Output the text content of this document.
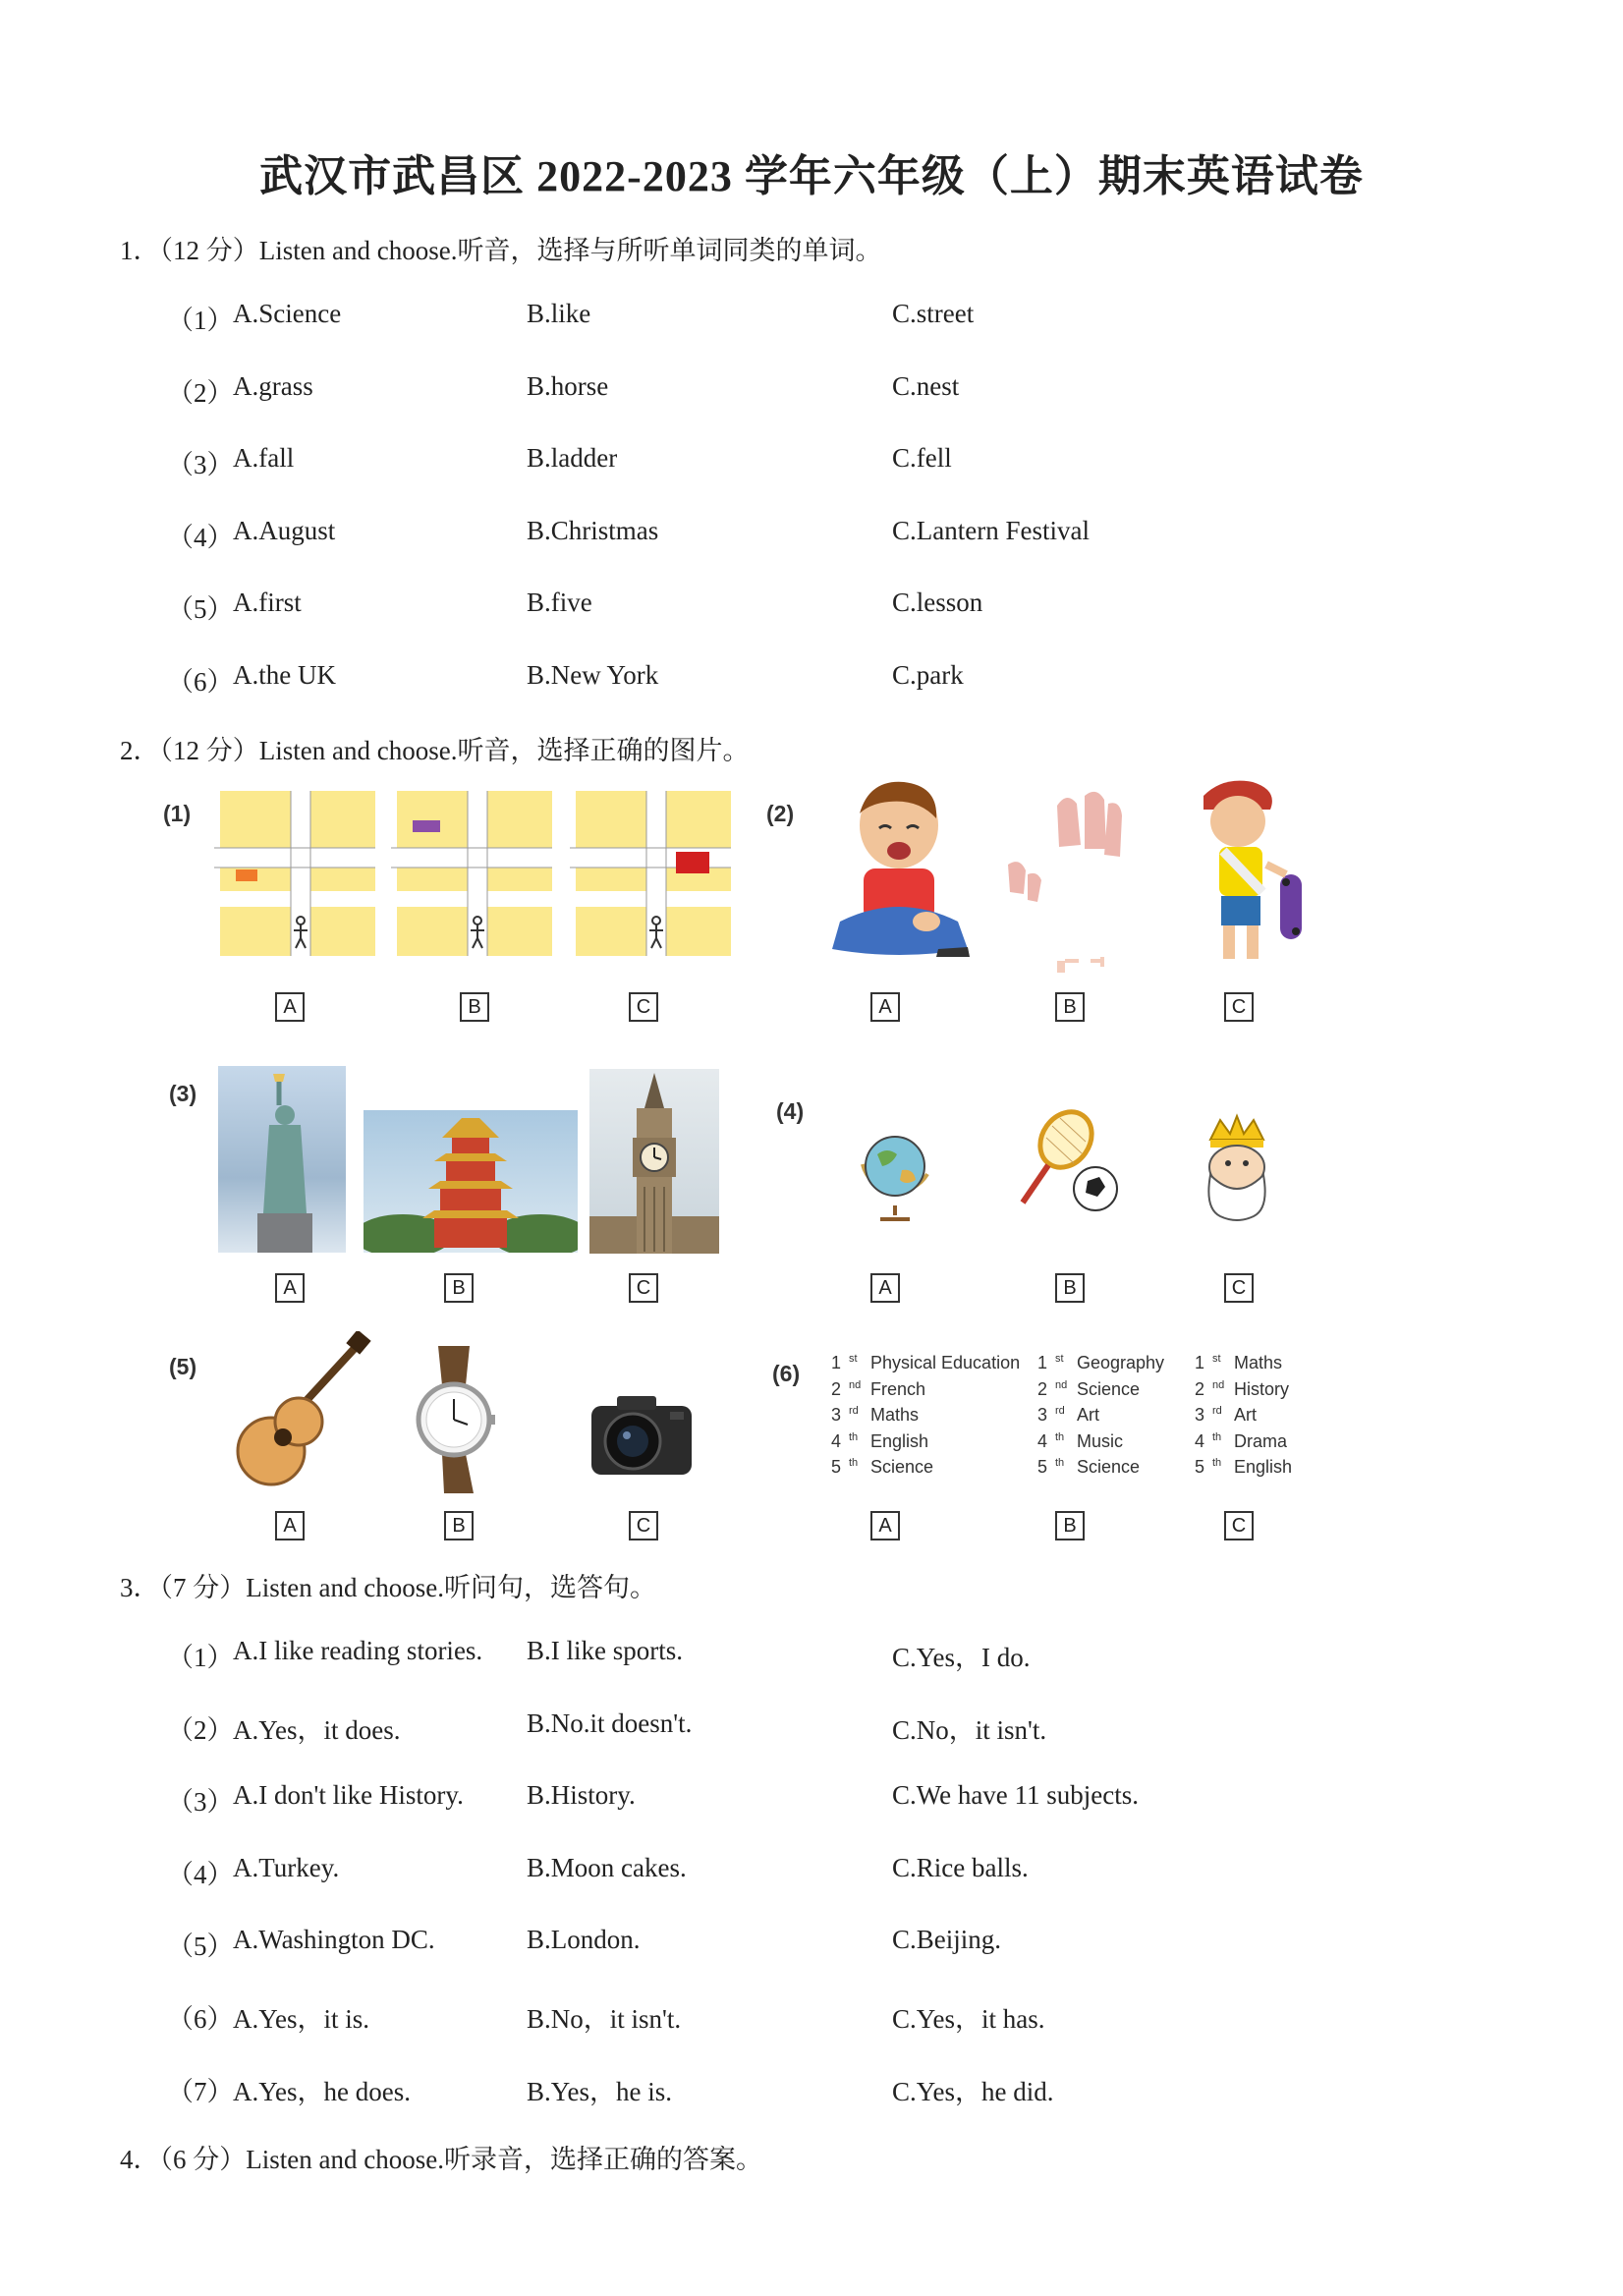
武汉市武昌区 2022-2023 学年六年级（上）期末英语试卷
1．（12 分）Listen and choose.听音，选择与所听单词同类的单词。
（1） A.Science	B.like	C.street
（2） A.grass	B.horse	C.nest
（3） A.fall	B.ladder	C.fell
（4） A.August	B.Christmas	C.Lantern Festival
（5） A.first	B.five	C.lesson
（6） A.the UK	B.New York	C.park
2．（12 分）Listen and choose.听音，选择正确的图片。
(1)	(2)
(3)
(4)
(5)	(6) 1 $^{st}$ Physical Education
2 $^{nd}$ French
3 $^{rd}$ Maths
4 $^{th}$ English
5 $^{th}$ Science
1 $^{st}$ Geography
2 $^{nd}$ Science
3 $^{rd}$ Art
4 $^{th}$ Music
5 $^{th}$ Science
1 $^{st}$ Maths
2 $^{nd}$ History
3 $^{rd}$ Art
4 $^{th}$ Drama
5 $^{th}$ English
A	B	C	A	B	C
A	B	C	A	B	C
A	B	C	A	B	C
3．（7 分）Listen and choose.听问句，选答句。
（1） A.I like reading stories. B.I like sports.	C.Yes，I do.
（2） A.Yes，it does.	B.No.it doesn't.	C.No，it isn't.
（3） A.I don't like History. B.History.	C.We have 11 subjects.
（4） A.Turkey.	B.Moon cakes.	C.Rice balls.
（5） A.Washington DC.	B.London.	C.Beijing.
（6） A.Yes，it is.	B.No，it isn't.	C.Yes，it has.
（7） A.Yes，he does.	B.Yes，he is.	C.Yes，he did.
4．（6 分）Listen and choose.听录音，选择正确的答案。
